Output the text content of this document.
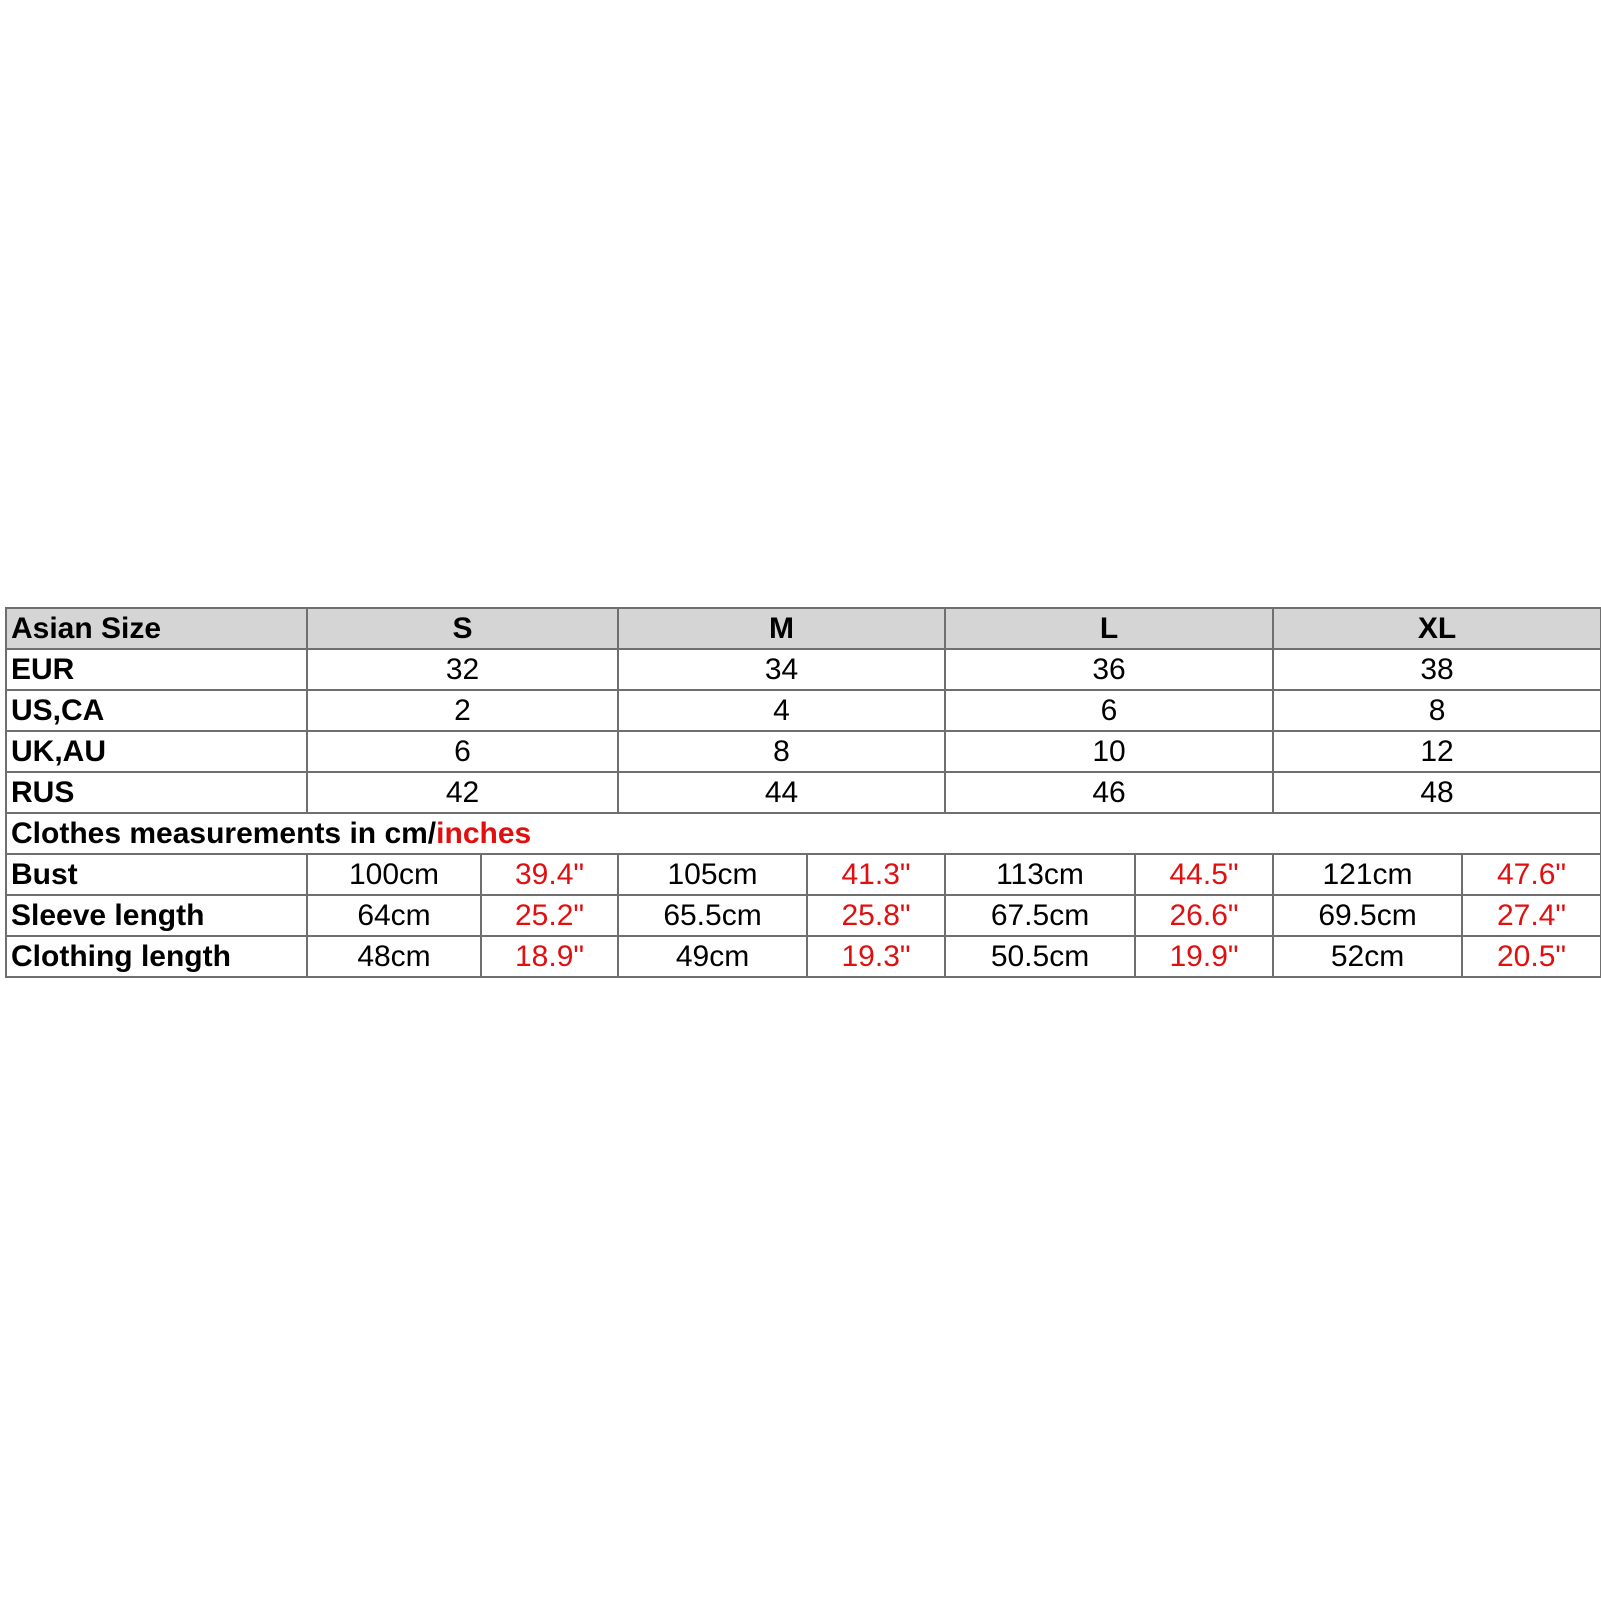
Asian Size	S		M		L		XL	
EUR	32		34		36		38	
US,CA	2		4		6		8	
UK,AU	6		8		10		12	
RUS	42		44		46		48	
Clothes measurements in cm/inches								
Bust	100cm	39.4"	105cm	41.3"	113cm	44.5"	121cm	47.6"
Sleeve length	64cm	25.2"	65.5cm	25.8"	67.5cm	26.6"	69.5cm	27.4"
Clothing length	48cm	18.9"	49cm	19.3"	50.5cm	19.9"	52cm	20.5"
